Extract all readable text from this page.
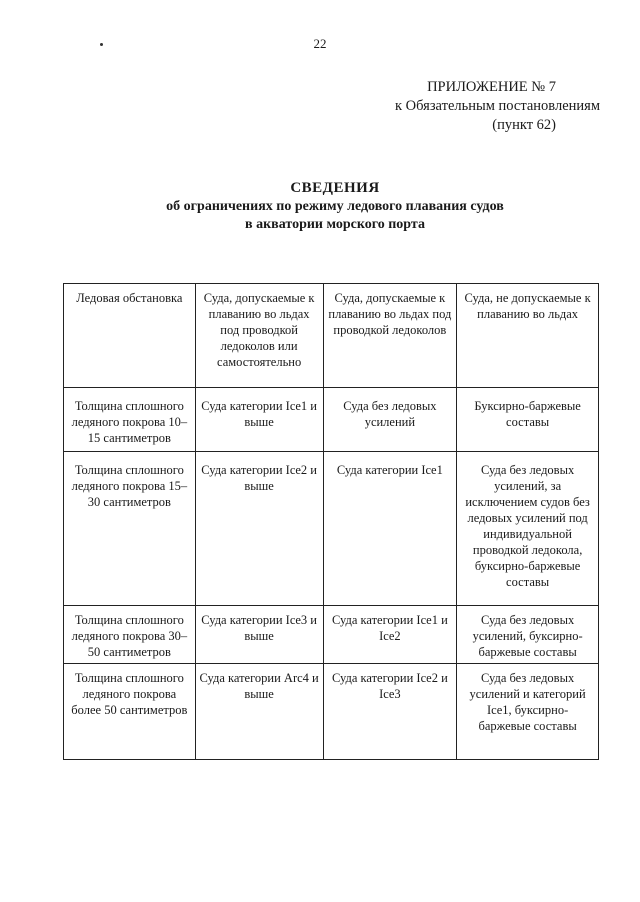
22
ПРИЛОЖЕНИЕ № 7
к Обязательным постановлениям
(пункт 62)
СВЕДЕНИЯ
об ограничениях по режиму ледового плавания судов
в акватории морского порта
Ледовая обстановка	Суда, допускаемые к плаванию во льдах под проводкой ледоколов или самостоятельно	Суда, допускаемые к плаванию во льдах под проводкой ледоколов	Суда, не допускаемые к плаванию во льдах
Толщина сплошного ледяного покрова 10–15 сантиметров	Суда категории Ice1 и выше	Суда без ледовых усилений	Буксирно-баржевые составы
Толщина сплошного ледяного покрова 15–30 сантиметров	Суда категории Ice2 и выше	Суда категории Ice1	Суда без ледовых усилений, за исключением судов без ледовых усилений под индивидуальной проводкой ледокола, буксирно-баржевые составы
Толщина сплошного ледяного покрова 30–50 сантиметров	Суда категории Ice3 и выше	Суда категории Ice1 и Ice2	Суда без ледовых усилений, буксирно-баржевые составы
Толщина сплошного ледяного покрова более 50 сантиметров	Суда категории Arc4 и выше	Суда категории Ice2 и Ice3	Суда без ледовых усилений и категорий Ice1, буксирно- баржевые составы
